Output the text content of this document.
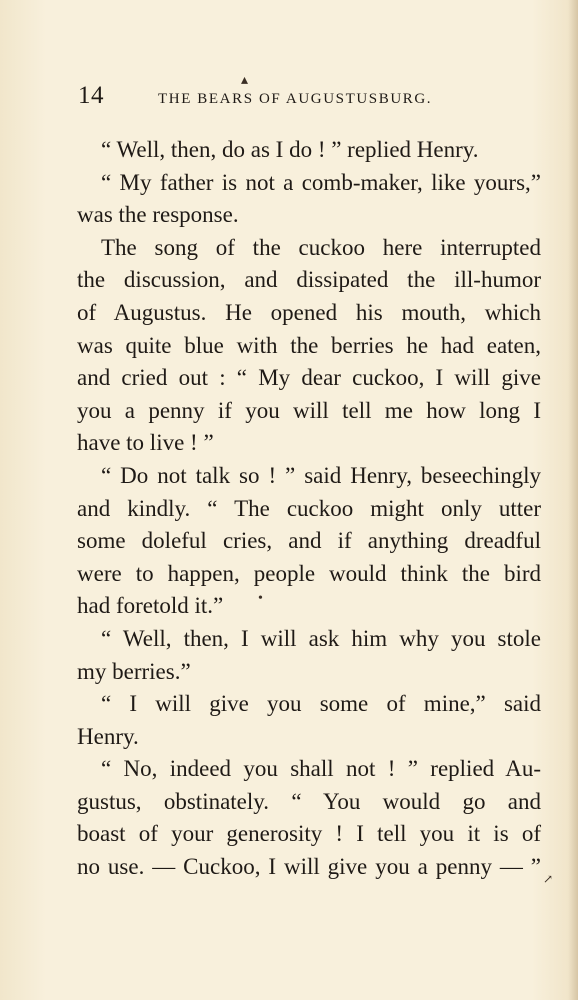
14	THE BEARS OF AUGUSTUSBURG.
“ Well, then, do as I do ! ” replied Henry.
“ My father is not a comb-maker, like yours,”
was the response.
The song of the cuckoo here interrupted
the discussion, and dissipated the ill-humor
of Augustus. He opened his mouth, which
was quite blue with the berries he had eaten,
and cried out : “ My dear cuckoo, I will give
you a penny if you will tell me how long I
have to live ! ”
“ Do not talk so ! ” said Henry, beseechingly
and kindly. “ The cuckoo might only utter
some doleful cries, and if anything dreadful
were to happen, people would think the bird
had foretold it.”
“ Well, then, I will ask him why you stole
my berries.”
“ I will give you some of mine,” said
Henry.
“ No, indeed you shall not ! ” replied Au-
gustus, obstinately. “ You would go and
boast of your generosity ! I tell you it is of
no use. — Cuckoo, I will give you a penny — ”
▴
•
↗
